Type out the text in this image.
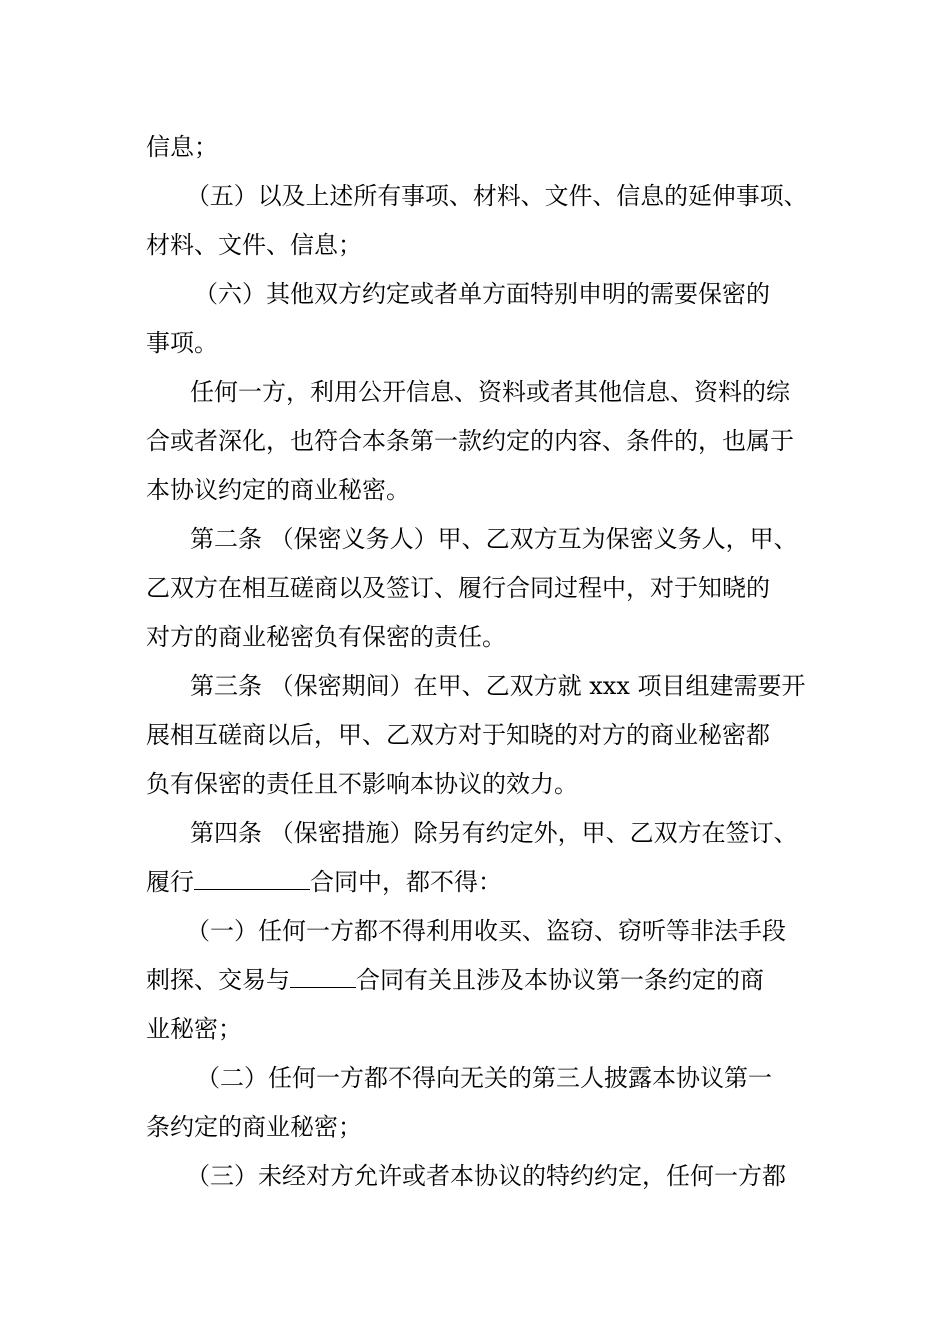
信息；
（五）以及上述所有事项、材料、文件、信息的延伸事项、
材料、文件、信息；
（六）其他双方约定或者单方面特别申明的需要保密的
事项。
任何一方，利用公开信息、资料或者其他信息、资料的综
合或者深化，也符合本条第一款约定的内容、条件的，也属于
本协议约定的商业秘密。
第二条 （保密义务人）甲、乙双方互为保密义务人，甲、
乙双方在相互磋商以及签订、履行合同过程中，对于知晓的
对方的商业秘密负有保密的责任。
第三条 （保密期间）在甲、乙双方就 xxx 项目组建需要开
展相互磋商以后，甲、乙双方对于知晓的对方的商业秘密都
负有保密的责任且不影响本协议的效力。
第四条 （保密措施）除另有约定外，甲、乙双方在签订、
履行	合同中，都不得：
（一）任何一方都不得利用收买、盗窃、窃听等非法手段
刺探、交易与	合同有关且涉及本协议第一条约定的商
业秘密；
（二）任何一方都不得向无关的第三人披露本协议第一
条约定的商业秘密；
（三）未经对方允许或者本协议的特约约定，任何一方都
